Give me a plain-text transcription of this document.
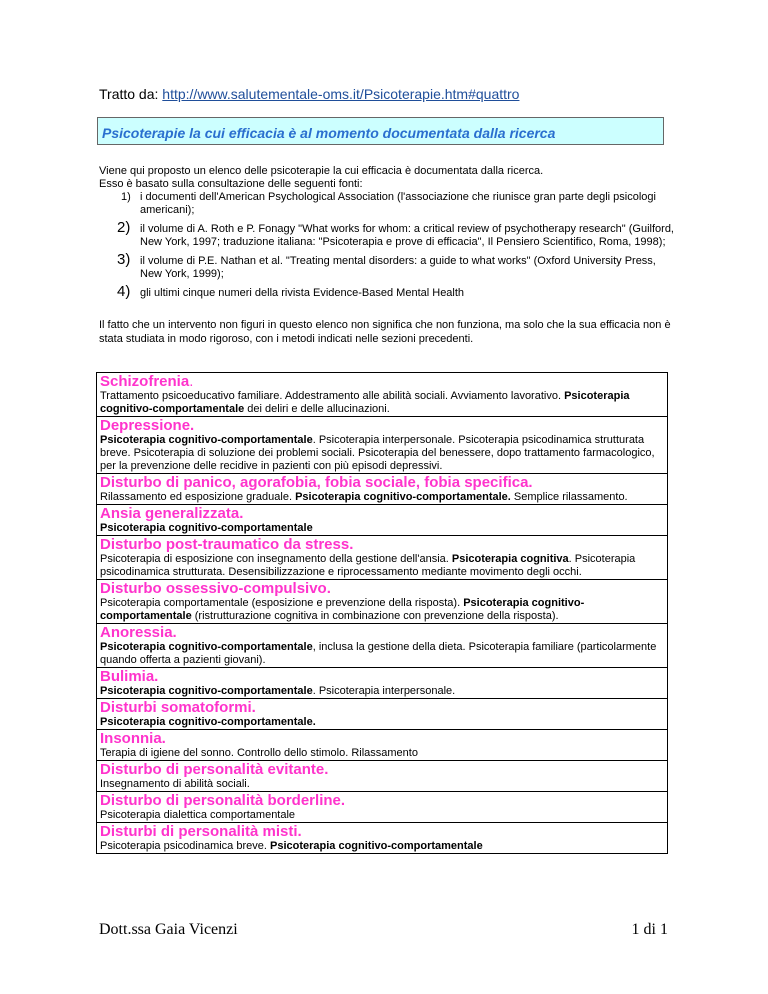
Tratto da: http://www.salutementale-oms.it/Psicoterapie.htm#quattro
Psicoterapie la cui efficacia è al momento documentata dalla ricerca

Viene qui proposto un elenco delle psicoterapie la cui efficacia è documentata dalla ricerca.

Esso è basato sulla consultazione delle seguenti fonti:

1) i documenti dell'American Psychological Association (l'associazione che riunisce gran parte degli psicologi americani);
2) il volume di A. Roth e P. Fonagy "What works for whom: a critical review of psychotherapy research" (Guilford, New York, 1997; traduzione italiana: "Psicoterapia e prove di efficacia", Il Pensiero Scientifico, Roma, 1998);
3) il volume di P.E. Nathan et al. "Treating mental disorders: a guide to what works" (Oxford University Press, New York, 1999);
4) gli ultimi cinque numeri della rivista Evidence-Based Mental Health

Il fatto che un intervento non figuri in questo elenco non significa che non funziona, ma solo che la sua efficacia non è stata studiata in modo rigoroso, con i metodi indicati nelle sezioni precedenti.

Schizofrenia.
Trattamento psicoeducativo familiare. Addestramento alle abilità sociali. Avviamento lavorativo. Psicoterapia cognitivo-comportamentale dei deliri e delle allucinazioni.
Depressione.
Psicoterapia cognitivo-comportamentale. Psicoterapia interpersonale. Psicoterapia psicodinamica strutturata breve. Psicoterapia di soluzione dei problemi sociali. Psicoterapia del benessere, dopo trattamento farmacologico, per la prevenzione delle recidive in pazienti con più episodi depressivi.
Disturbo di panico, agorafobia, fobia sociale, fobia specifica.
Rilassamento ed esposizione graduale. Psicoterapia cognitivo-comportamentale. Semplice rilassamento.
Ansia generalizzata.
Psicoterapia cognitivo-comportamentale
Disturbo post-traumatico da stress.
Psicoterapia di esposizione con insegnamento della gestione dell'ansia. Psicoterapia cognitiva. Psicoterapia psicodinamica strutturata. Desensibilizzazione e riprocessamento mediante movimento degli occhi.
Disturbo ossessivo-compulsivo.
Psicoterapia comportamentale (esposizione e prevenzione della risposta). Psicoterapia cognitivo-comportamentale (ristrutturazione cognitiva in combinazione con prevenzione della risposta).
Anoressia.
Psicoterapia cognitivo-comportamentale, inclusa la gestione della dieta. Psicoterapia familiare (particolarmente quando offerta a pazienti giovani).
Bulimia.
Psicoterapia cognitivo-comportamentale. Psicoterapia interpersonale.
Disturbi somatoformi.
Psicoterapia cognitivo-comportamentale.
Insonnia.
Terapia di igiene del sonno. Controllo dello stimolo. Rilassamento
Disturbo di personalità evitante.
Insegnamento di abilità sociali.
Disturbo di personalità borderline.
Psicoterapia dialettica comportamentale
Disturbi di personalità misti.
Psicoterapia psicodinamica breve. Psicoterapia cognitivo-comportamentale
Dott.ssa Gaia Vicenzi	1 di 1
